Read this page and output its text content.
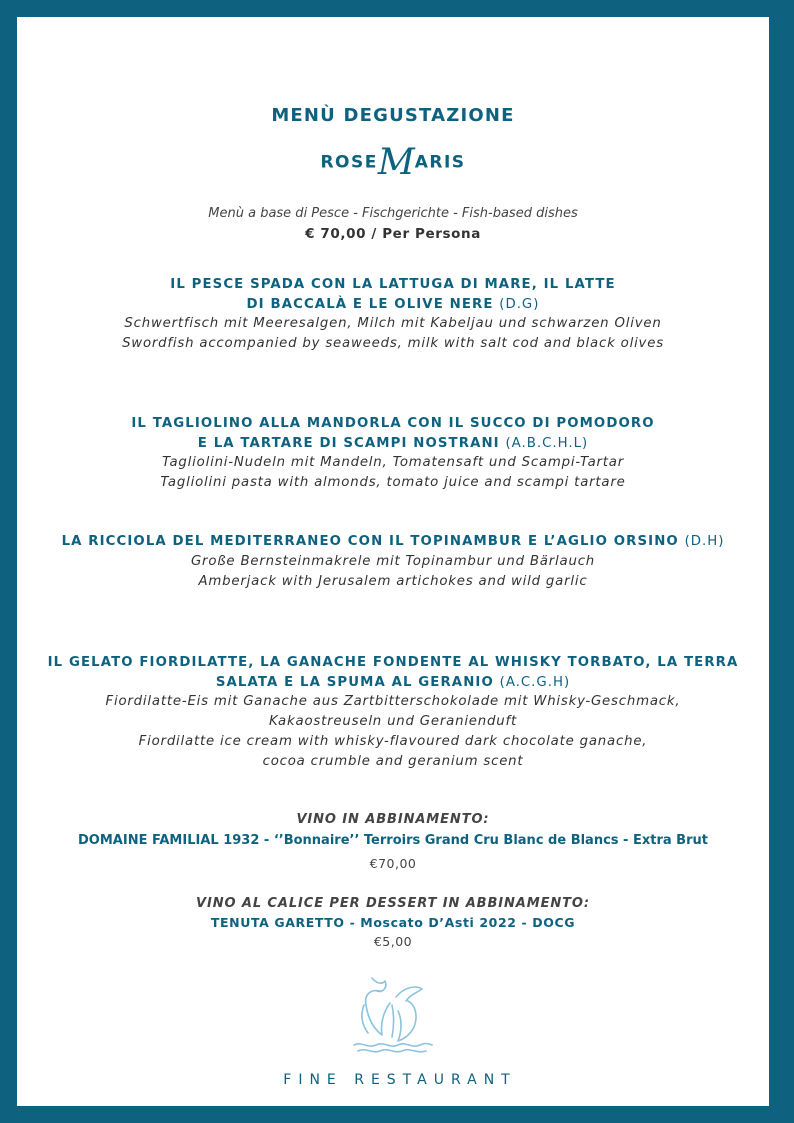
MENÙ DEGUSTAZIONE
ROSEMARIS
Menù a base di Pesce - Fischgerichte - Fish-based dishes
€ 70,00 / Per Persona
IL PESCE SPADA CON LA LATTUGA DI MARE, IL LATTE
DI BACCALÀ E LE OLIVE NERE (D.G)
Schwertfisch mit Meeresalgen, Milch mit Kabeljau und schwarzen Oliven
Swordfish accompanied by seaweeds, milk with salt cod and black olives
IL TAGLIOLINO ALLA MANDORLA CON IL SUCCO DI POMODORO
E LA TARTARE DI SCAMPI NOSTRANI (A.B.C.H.L)
Tagliolini-Nudeln mit Mandeln, Tomatensaft und Scampi-Tartar
Tagliolini pasta with almonds, tomato juice and scampi tartare
LA RICCIOLA DEL MEDITERRANEO CON IL TOPINAMBUR E L’AGLIO ORSINO (D.H)
Große Bernsteinmakrele mit Topinambur und Bärlauch
Amberjack with Jerusalem artichokes and wild garlic
IL GELATO FIORDILATTE, LA GANACHE FONDENTE AL WHISKY TORBATO, LA TERRA
SALATA E LA SPUMA AL GERANIO (A.C.G.H)
Fiordilatte-Eis mit Ganache aus Zartbitterschokolade mit Whisky-Geschmack,
Kakaostreuseln und Geranienduft
Fiordilatte ice cream with whisky-flavoured dark chocolate ganache,
cocoa crumble and geranium scent
VINO IN ABBINAMENTO:
DOMAINE FAMILIAL 1932 - ‘’Bonnaire’’ Terroirs Grand Cru Blanc de Blancs - Extra Brut
€70,00
VINO AL CALICE PER DESSERT IN ABBINAMENTO:
TENUTA GARETTO - Moscato D’Asti 2022 - DOCG
€5,00
FINE RESTAURANT
